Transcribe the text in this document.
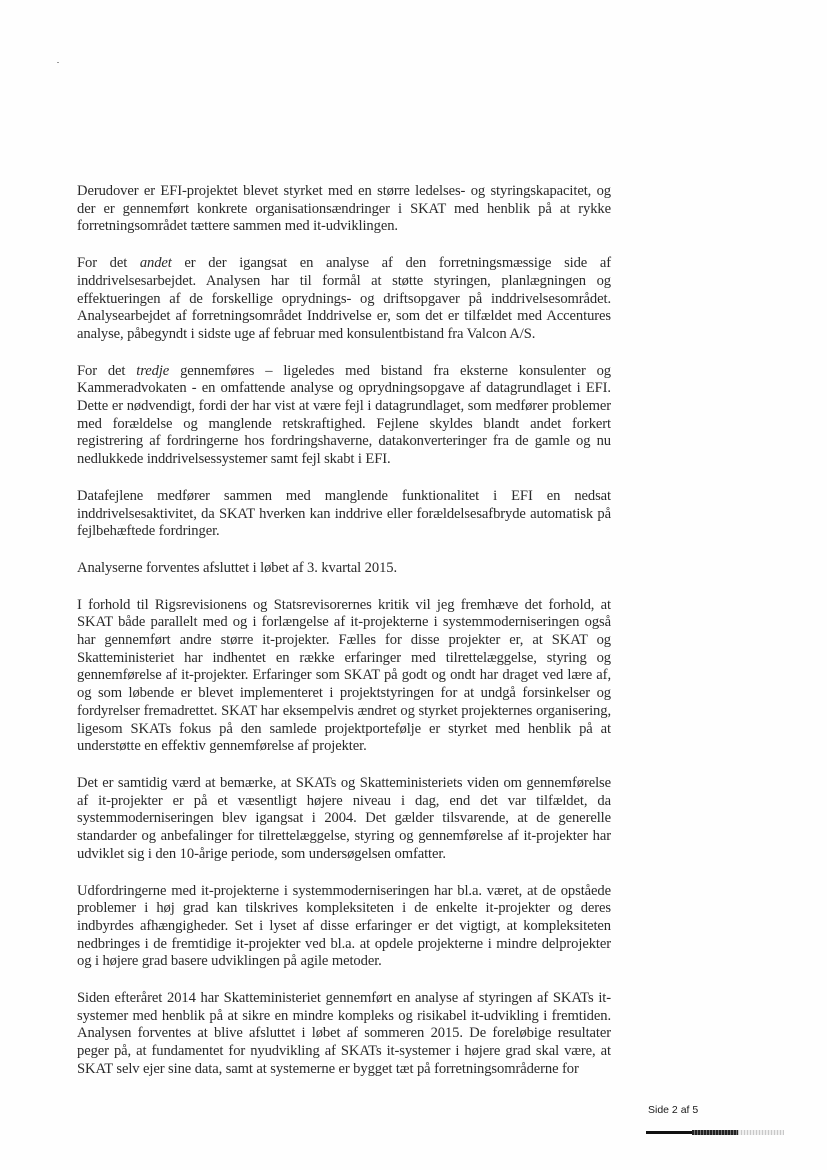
Derudover er EFI-projektet blevet styrket med en større ledelses- og styringskapacitet, og der er gennemført konkrete organisationsændringer i SKAT med henblik på at rykke forretningsområdet tættere sammen med it-udviklingen.

For det andet er der igangsat en analyse af den forretningsmæssige side af inddrivelsesarbejdet. Analysen har til formål at støtte styringen, planlægningen og effektueringen af de forskellige oprydnings- og driftsopgaver på inddrivelsesområdet. Analysearbejdet af forretningsområdet Inddrivelse er, som det er tilfældet med Accentures analyse, påbegyndt i sidste uge af februar med konsulentbistand fra Valcon A/S.

For det tredje gennemføres – ligeledes med bistand fra eksterne konsulenter og Kammeradvokaten - en omfattende analyse og oprydningsopgave af datagrundlaget i EFI. Dette er nødvendigt, fordi der har vist at være fejl i datagrundlaget, som medfører problemer med forældelse og manglende retskraftighed. Fejlene skyldes blandt andet forkert registrering af fordringerne hos fordringshaverne, datakonverteringer fra de gamle og nu nedlukkede inddrivelsessystemer samt fejl skabt i EFI.

Datafejlene medfører sammen med manglende funktionalitet i EFI en nedsat inddrivelsesaktivitet, da SKAT hverken kan inddrive eller forældelsesafbryde automatisk på fejlbehæftede fordringer.

Analyserne forventes afsluttet i løbet af 3. kvartal 2015.

I forhold til Rigsrevisionens og Statsrevisorernes kritik vil jeg fremhæve det forhold, at SKAT både parallelt med og i forlængelse af it-projekterne i systemmoderniseringen også har gennemført andre større it-projekter. Fælles for disse projekter er, at SKAT og Skatteministeriet har indhentet en række erfaringer med tilrettelæggelse, styring og gennemførelse af it-projekter. Erfaringer som SKAT på godt og ondt har draget ved lære af, og som løbende er blevet implementeret i projektstyringen for at undgå forsinkelser og fordyrelser fremadrettet. SKAT har eksempelvis ændret og styrket projekternes organisering, ligesom SKATs fokus på den samlede projektportefølje er styrket med henblik på at understøtte en effektiv gennemførelse af projekter.

Det er samtidig værd at bemærke, at SKATs og Skatteministeriets viden om gennemførelse af it-projekter er på et væsentligt højere niveau i dag, end det var tilfældet, da systemmoderniseringen blev igangsat i 2004. Det gælder tilsvarende, at de generelle standarder og anbefalinger for tilrettelæggelse, styring og gennemførelse af it-projekter har udviklet sig i den 10-årige periode, som undersøgelsen omfatter.

Udfordringerne med it-projekterne i systemmoderniseringen har bl.a. været, at de opståede problemer i høj grad kan tilskrives kompleksiteten i de enkelte it-projekter og deres indbyrdes afhængigheder. Set i lyset af disse erfaringer er det vigtigt, at kompleksiteten nedbringes i de fremtidige it-projekter ved bl.a. at opdele projekterne i mindre delprojekter og i højere grad basere udviklingen på agile metoder.

Siden efteråret 2014 har Skatteministeriet gennemført en analyse af styringen af SKATs it-systemer med henblik på at sikre en mindre kompleks og risikabel it-udvikling i fremtiden. Analysen forventes at blive afsluttet i løbet af sommeren 2015. De foreløbige resultater peger på, at fundamentet for nyudvikling af SKATs it-systemer i højere grad skal være, at SKAT selv ejer sine data, samt at systemerne er bygget tæt på forretningsområderne for

Side 2 af 5
